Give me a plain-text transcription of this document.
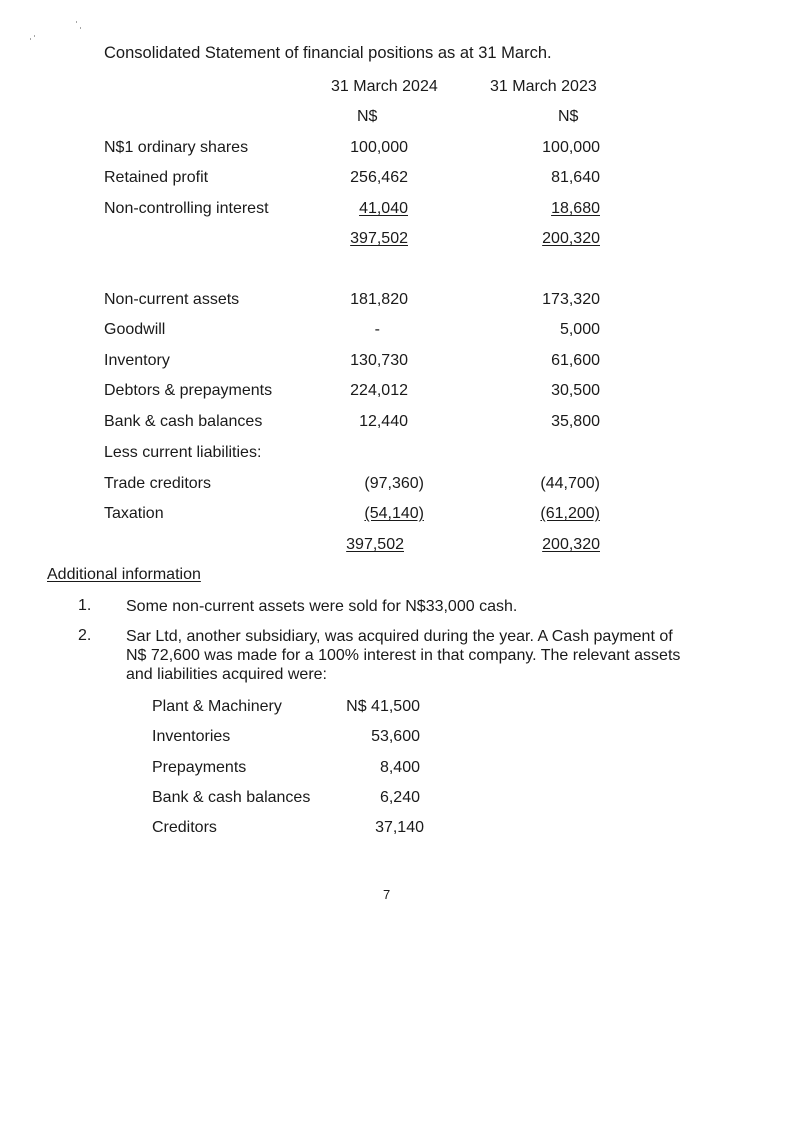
Consolidated Statement of financial positions as at 31 March.
31 March 2024	31 March 2023
N$	N$
N$1 ordinary shares	100,000	100,000
Retained profit	256,462	81,640
Non-controlling interest	41,040	18,680
397,502	200,320
Non-current assets	181,820	173,320
Goodwill	-	5,000
Inventory	130,730	61,600
Debtors & prepayments	224,012	30,500
Bank & cash balances	12,440	35,800
Less current liabilities:
Trade creditors	(97,360)	(44,700)
Taxation	(54,140)	(61,200)
397,502	200,320
Additional information
1. Some non-current assets were sold for N$33,000 cash.
2. Sar Ltd, another subsidiary, was acquired during the year. A Cash payment of N$ 72,600 was made for a 100% interest in that company. The relevant assets and liabilities acquired were:
Plant & Machinery	N$ 41,500
Inventories	53,600
Prepayments	8,400
Bank & cash balances	6,240
Creditors	37,140
7
